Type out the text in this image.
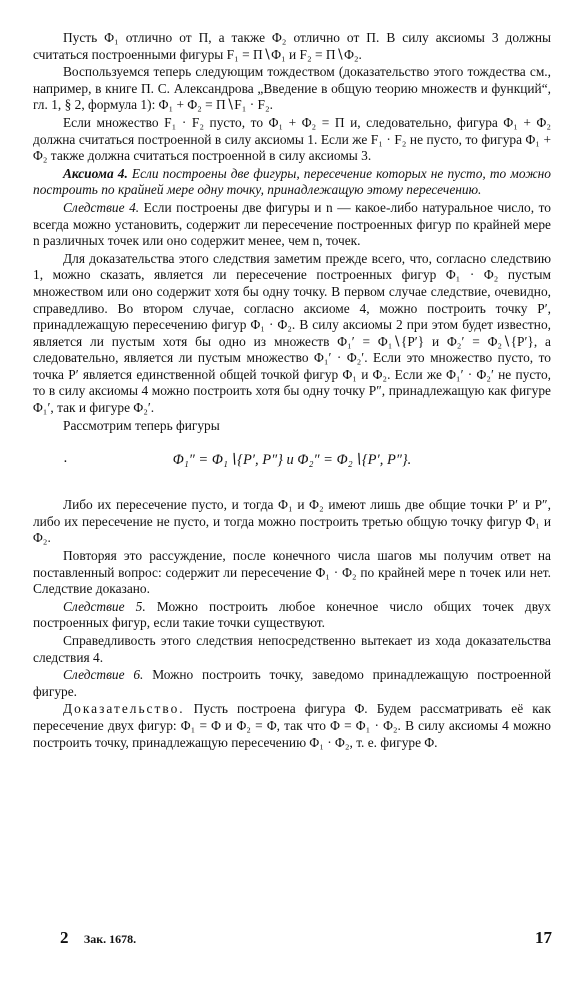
Пусть Φ₁ отлично от Π, а также Φ₂ отлично от Π. В силу аксиомы 3 должны считаться построенными фигуры F₁ = Π∖Φ₁ и F₂ = Π∖Φ₂.

Воспользуемся теперь следующим тождеством (доказательство этого тождества см., например, в книге П. С. Александрова „Введение в общую теорию множеств и функций“, гл. 1, § 2, формула 1): Φ₁ + Φ₂ = Π∖F₁ · F₂.

Если множество F₁ · F₂ пусто, то Φ₁ + Φ₂ = Π и, следовательно, фигура Φ₁ + Φ₂ должна считаться построенной в силу аксиомы 1. Если же F₁ · F₂ не пусто, то фигура Φ₁ + Φ₂ также должна считаться построенной в силу аксиомы 3.

Аксиома 4. Если построены две фигуры, пересечение которых не пусто, то можно построить по крайней мере одну точку, принадлежащую этому пересечению.

Следствие 4. Если построены две фигуры и n — какое-либо натуральное число, то всегда можно установить, содержит ли пересечение построенных фигур по крайней мере n различных точек или оно содержит менее, чем n, точек.

Для доказательства этого следствия заметим прежде всего, что, согласно следствию 1, можно сказать, является ли пересечение построенных фигур Φ₁ · Φ₂ пустым множеством или оно содержит хотя бы одну точку. В первом случае следствие, очевидно, справедливо. Во втором случае, согласно аксиоме 4, можно построить точку P′, принадлежащую пересечению фигур Φ₁ · Φ₂. В силу аксиомы 2 при этом будет известно, является ли пустым хотя бы одно из множеств Φ₁′ = Φ₁∖{P′} и Φ₂′ = Φ₂∖{P′}, а следовательно, является ли пустым множество Φ₁′ · Φ₂′. Если это множество пусто, то точка P′ является единственной общей точкой фигур Φ₁ и Φ₂. Если же Φ₁′ · Φ₂′ не пусто, то в силу аксиомы 4 можно построить хотя бы одну точку P″, принадлежащую как фигуре Φ₁′, так и фигуре Φ₂′.

Рассмотрим теперь фигуры

·	Φ₁″ = Φ₁∖{P′, P″} и Φ₂″ = Φ₂∖{P′, P″}.

Либо их пересечение пусто, и тогда Φ₁ и Φ₂ имеют лишь две общие точки P′ и P″, либо их пересечение не пусто, и тогда можно построить третью общую точку фигур Φ₁ и Φ₂.

Повторяя это рассуждение, после конечного числа шагов мы получим ответ на поставленный вопрос: содержит ли пересечение Φ₁ · Φ₂ по крайней мере n точек или нет. Следствие доказано.

Следствие 5. Можно построить любое конечное число общих точек двух построенных фигур, если такие точки существуют.

Справедливость этого следствия непосредственно вытекает из хода доказательства следствия 4.

Следствие 6. Можно построить точку, заведомо принадлежащую построенной фигуре.

Доказательство. Пусть построена фигура Φ. Будем рассматривать её как пересечение двух фигур: Φ₁ = Φ и Φ₂ = Φ, так что Φ = Φ₁ · Φ₂. В силу аксиомы 4 можно построить точку, принадлежащую пересечению Φ₁ · Φ₂, т. е. фигуре Φ.

2 Зак. 1678.	17
